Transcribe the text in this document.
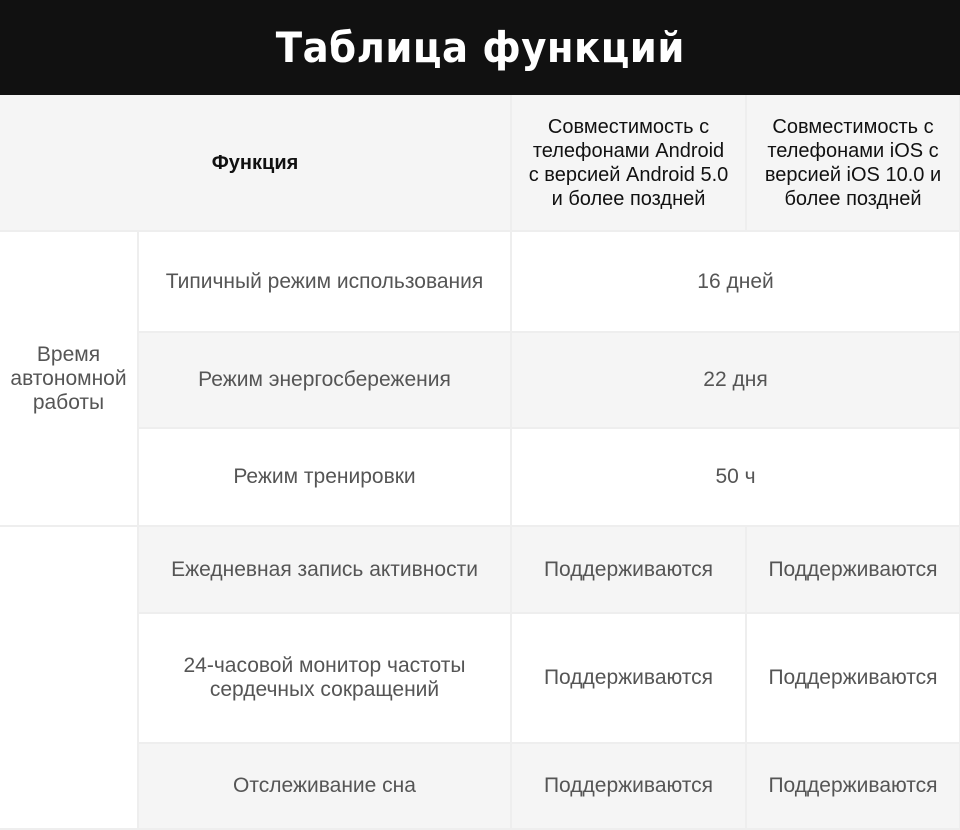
Таблица функций
Функция		Совместимость с телефонами Android с версией Android 5.0 и более поздней	Совместимость с телефонами iOS с версией iOS 10.0 и более поздней

Время автономной работы	Типичный режим использования	16 дней	
	Режим энергосбережения	22 дня	
	Режим тренировки	50 ч	
	Ежедневная запись активности	Поддерживаются	Поддерживаются

	24-часовой монитор частоты сердечных сокращений	Поддерживаются	Поддерживаются
	Отслеживание сна	Поддерживаются	Поддерживаются
